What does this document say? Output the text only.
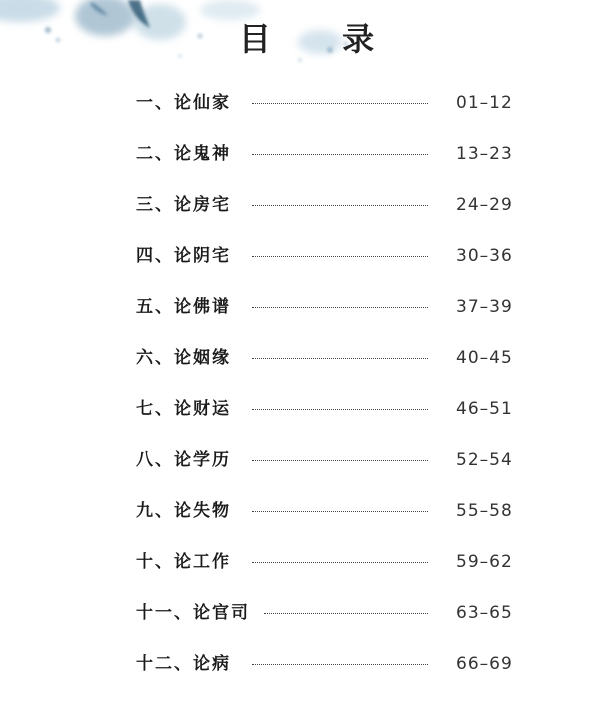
目 录
一、论仙家	01–12
二、论鬼神	13–23
三、论房宅	24–29
四、论阴宅	30–36
五、论佛谱	37–39
六、论姻缘	40–45
七、论财运	46–51
八、论学历	52–54
九、论失物	55–58
十、论工作	59–62
十一、论官司	63–65
十二、论病	66–69
